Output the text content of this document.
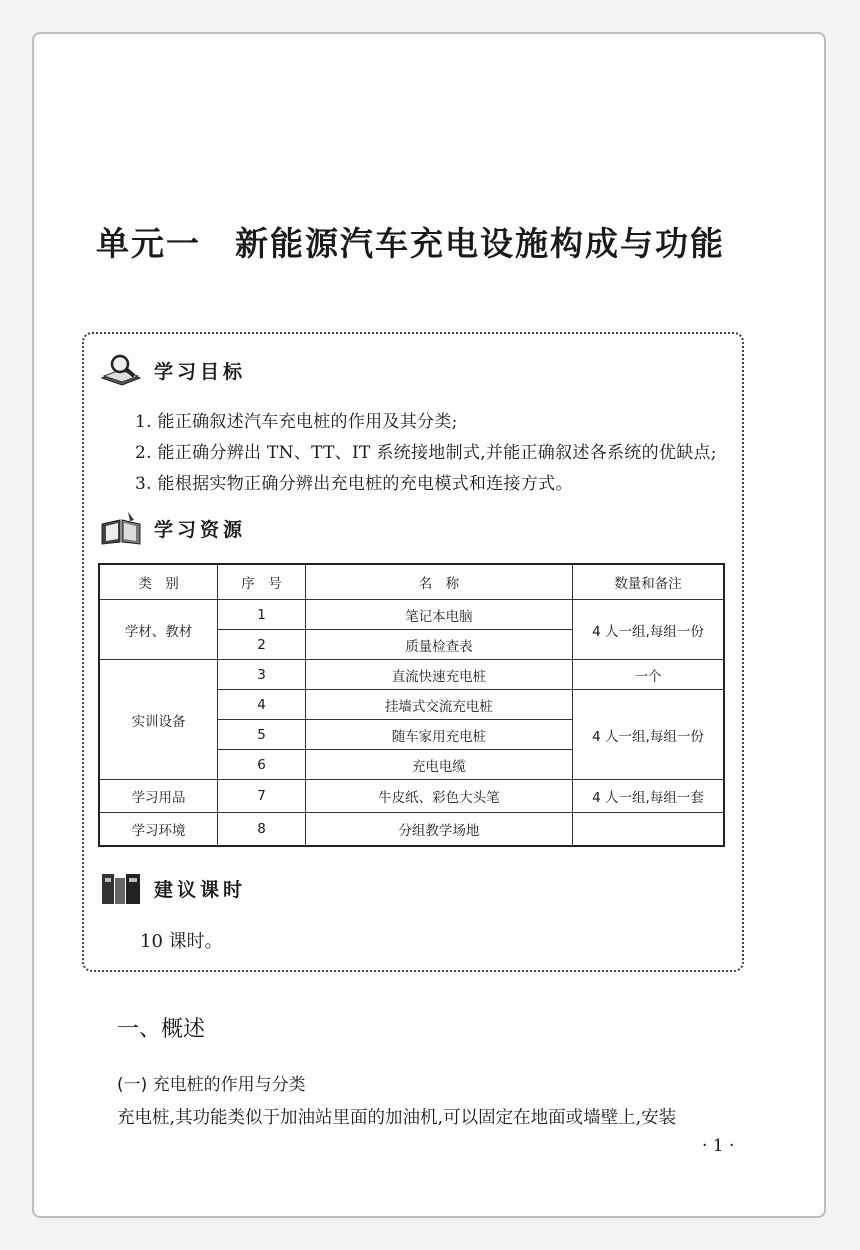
单元一 新能源汽车充电设施构成与功能
学习目标
1. 能正确叙述汽车充电桩的作用及其分类;
2. 能正确分辨出 TN、TT、IT 系统接地制式,并能正确叙述各系统的优缺点;
3. 能根据实物正确分辨出充电桩的充电模式和连接方式。
学习资源
类　别	序　号	名　称	数量和备注
学材、教材	1	笔记本电脑	4 人一组,每组一份
	2	质量检查表	
实训设备	3	直流快速充电桩	一个
	4	挂墙式交流充电桩	4 人一组,每组一份
	5	随车家用充电桩	
	6	充电电缆	
学习用品	7	牛皮纸、彩色大头笔	4 人一组,每组一套
学习环境	8	分组教学场地	
建议课时
10 课时。
一、概述
(一) 充电桩的作用与分类
充电桩,其功能类似于加油站里面的加油机,可以固定在地面或墙壁上,安装
· 1 ·
